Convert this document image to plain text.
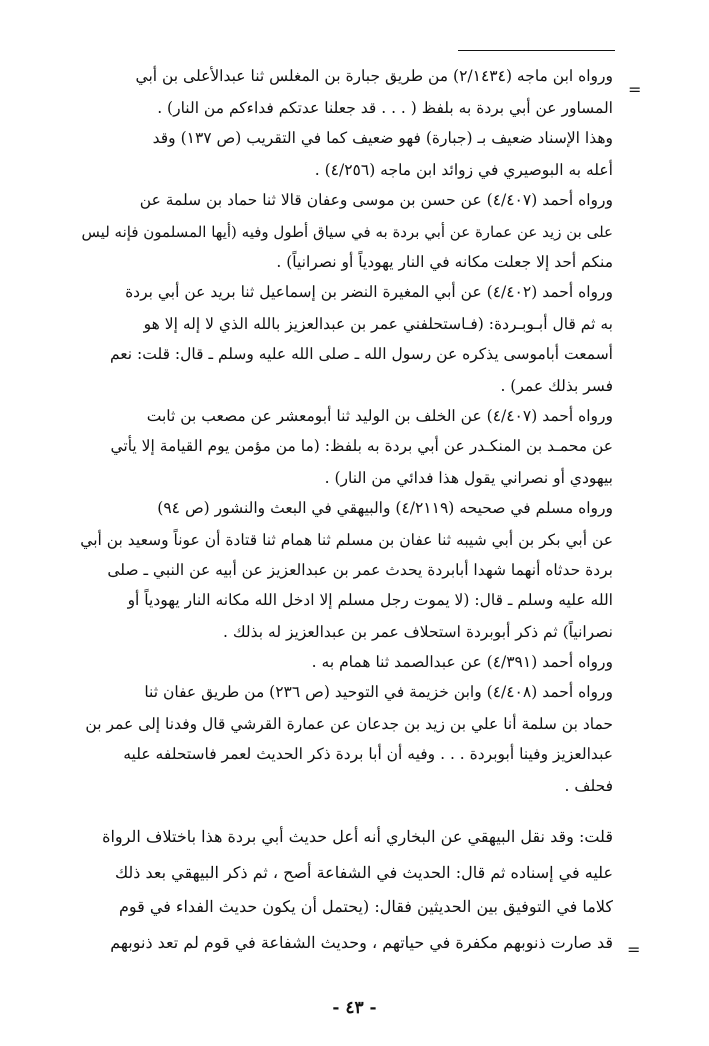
=
ورواه ابن ماجه (٢/١٤٣٤) من طريق جبارة بن المغلس ثنا عبدالأعلى بن أبي
المساور عن أبي بردة به بلفظ ( . . . قد جعلنا عدتكم فداءكم من النار) .
وهذا الإسناد ضعيف بـ (جبارة) فهو ضعيف كما في التقريب (ص ١٣٧) وقد
أعله به البوصيري في زوائد ابن ماجه (٤/٢٥٦) .
ورواه أحمد (٤/٤٠٧) عن حسن بن موسى وعفان قالا ثنا حماد بن سلمة عن
على بن زيد عن عمارة عن أبي بردة به في سياق أطول وفيه (أيها المسلمون فإنه ليس
منكم أحد إلا جعلت مكانه في النار يهودياً أو نصرانياً) .
ورواه أحمد (٤/٤٠٢) عن أبي المغيرة النضر بن إسماعيل ثنا بريد عن أبي بردة
به ثم قال أبـوبـردة: (فـاستحلفني عمر بن عبدالعزيز بالله الذي لا إله إلا هو
أسمعت أباموسى يذكره عن رسول الله ـ صلى الله عليه وسلم ـ قال: قلت: نعم
فسر بذلك عمر) .
ورواه أحمد (٤/٤٠٧) عن الخلف بن الوليد ثنا أبومعشر عن مصعب بن ثابت
عن محمـد بن المنكـدر عن أبي بردة به بلفظ: (ما من مؤمن يوم القيامة إلا يأتي
بيهودي أو نصراني يقول هذا فدائي من النار) .
ورواه مسلم في صحيحه (٤/٢١١٩) والبيهقي في البعث والنشور (ص ٩٤)
عن أبي بكر بن أبي شيبه ثنا عفان بن مسلم ثنا همام ثنا قتادة أن عوناً وسعيد بن أبي
بردة حدثاه أنهما شهدا أبابردة يحدث عمر بن عبدالعزيز عن أبيه عن النبي ـ صلى
الله عليه وسلم ـ قال: (لا يموت رجل مسلم إلا ادخل الله مكانه النار يهودياً أو
نصرانياً) ثم ذكر أبوبردة استحلاف عمر بن عبدالعزيز له بذلك .
ورواه أحمد (٤/٣٩١) عن عبدالصمد ثنا همام به .
ورواه أحمد (٤/٤٠٨) وابن خزيمة في التوحيد (ص ٢٣٦) من طريق عفان ثنا
حماد بن سلمة أنا علي بن زيد بن جدعان عن عمارة القرشي قال وفدنا إلى عمر بن
عبدالعزيز وفينا أبوبردة . . . وفيه أن أبا بردة ذكر الحديث لعمر فاستحلفه عليه
فحلف .
قلت: وقد نقل البيهقي عن البخاري أنه أعل حديث أبي بردة هذا باختلاف الرواة
عليه في إسناده ثم قال: الحديث في الشفاعة أصح ، ثم ذكر البيهقي بعد ذلك
كلاما في التوفيق بين الحديثين فقال: (يحتمل أن يكون حديث الفداء في قوم
قد صارت ذنوبهم مكفرة في حياتهم ، وحديث الشفاعة في قوم لم تعد ذنوبهم =
- ٤٣ -
